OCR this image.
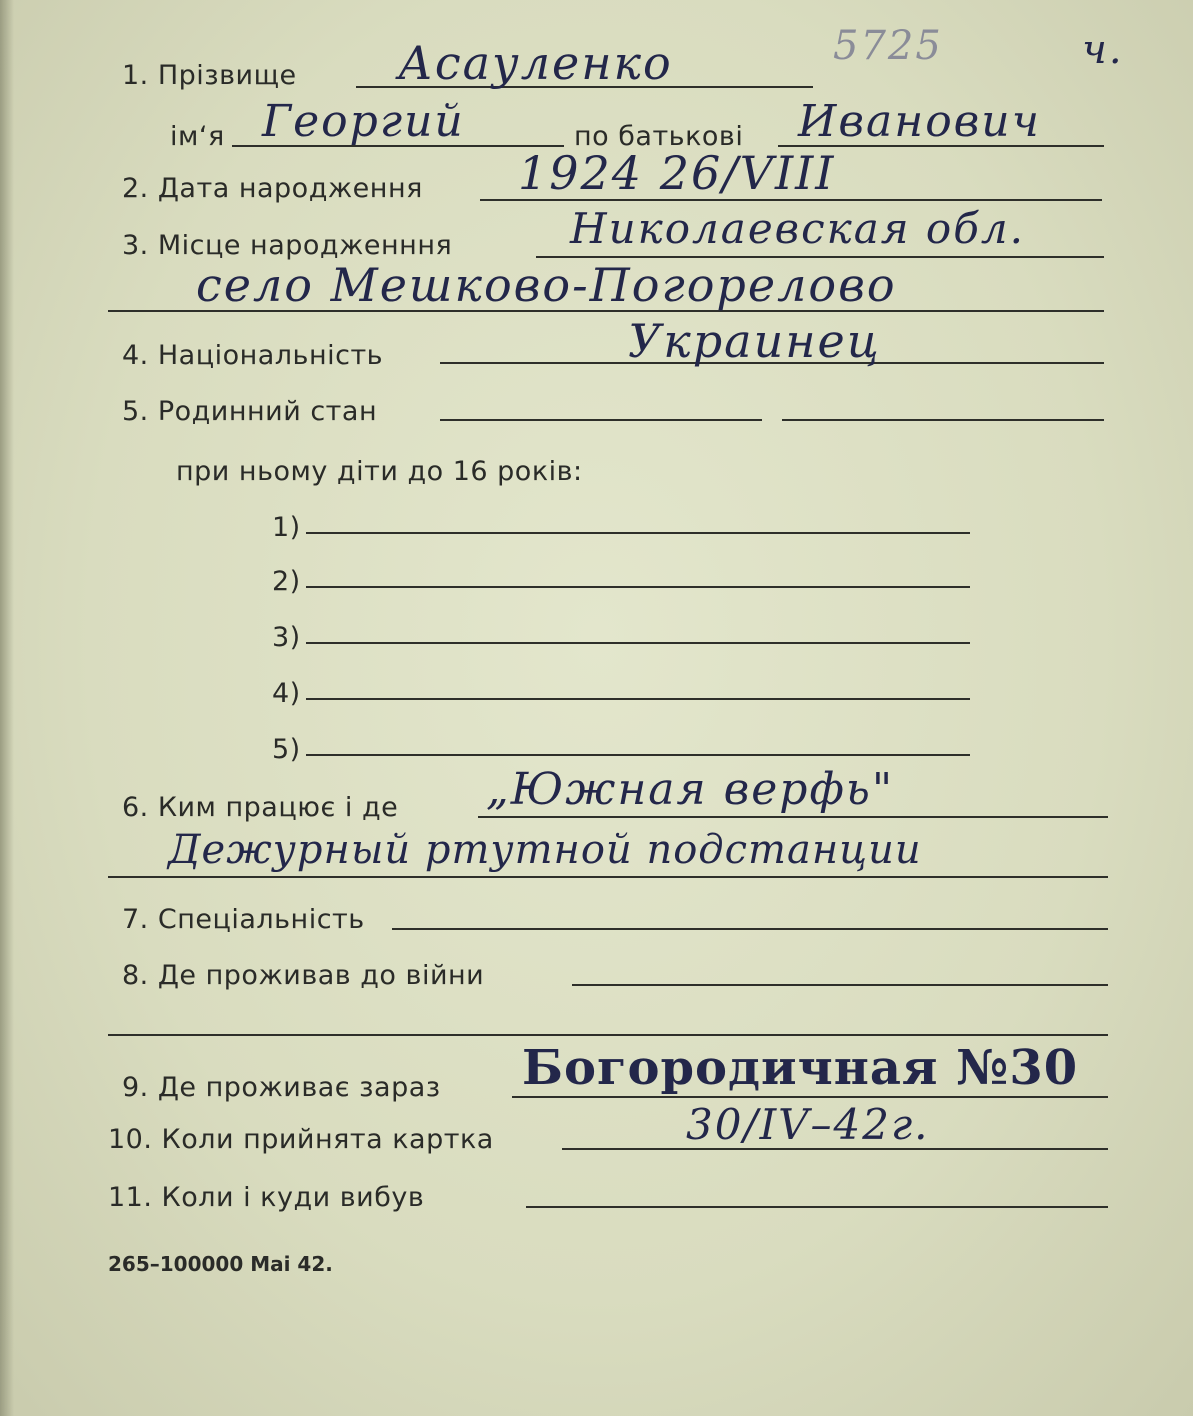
1. Прізвище Асауленко	5725	ч.
ім‘я Георгий	по батькові Иванович
2. Дата народження 1924 26/VIII
3. Місце народженння	Николаевская обл.
село Мешково-Погорелово
4. Національність	Украинец
5. Родинний стан
при ньому діти до 16 років:
1)
2)
3)
4)
5)
6. Ким працює і де „Южная верфь"
Дежурный ртутной подстанции
7. Спеціальність
8. Де проживав до війни
9. Де проживає зараз Богородичная №30
10. Коли прийнята картка	30/IV–42г.
11. Коли і куди вибув
265–100000 Mai 42.
